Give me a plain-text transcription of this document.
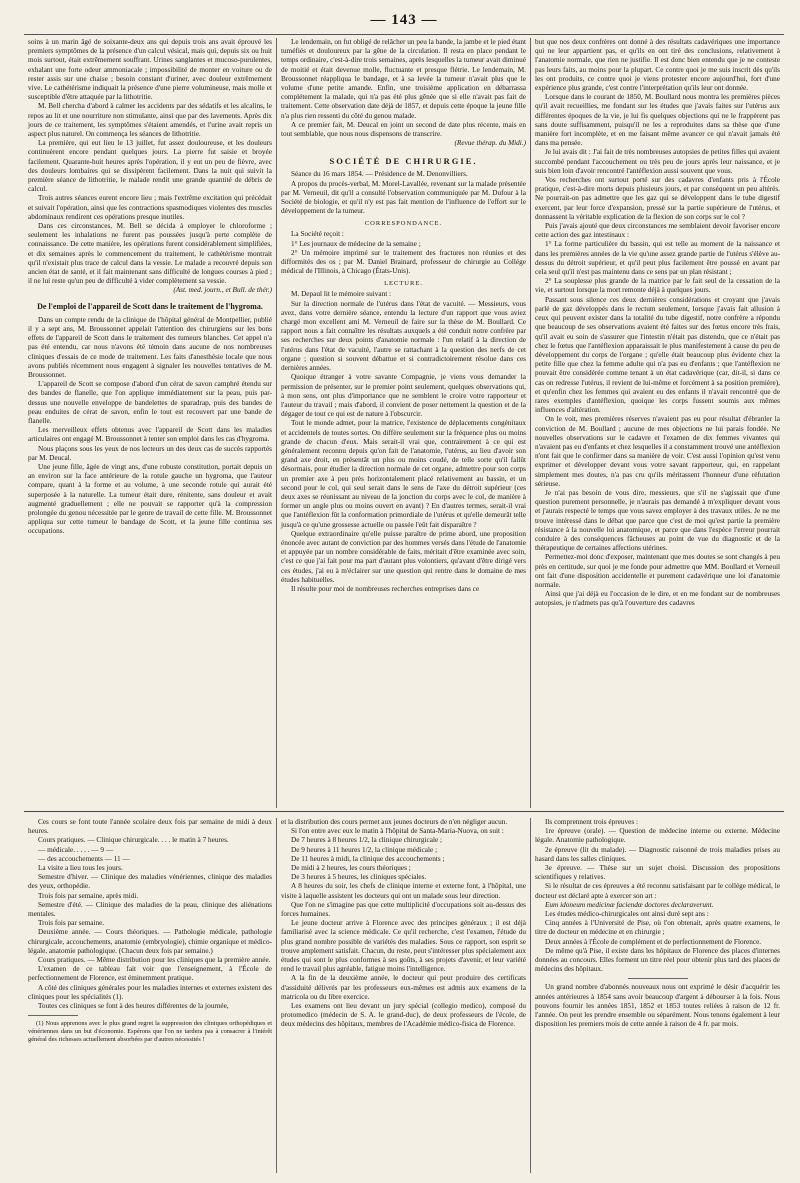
— 143 —

soins à un marin âgé de soixante-deux ans qui depuis trois ans avait éprouvé les premiers symptômes de la présence d'un calcul vésical, mais qui, depuis six ou huit mois surtout, était extrêmement souffrant. Urines sanglantes et mucoso-purulentes, exhalant une forte odeur ammoniacale ; impossibilité de monter en voiture ou de rester assis sur une chaise ; besoin constant d'uriner, avec douleur extrêmement vive. Le cathétérisme indiquait la présence d'une pierre volumineuse, mais molle et susceptible d'être attaquée par la lithotritie.

M. Bell chercha d'abord à calmer les accidents par des sédatifs et les alcalins, le repos au lit et une nourriture non stimulante, ainsi que par des lavements. Après dix jours de ce traitement, les symptômes s'étaient amendés, et l'urine avait repris un aspect plus naturel. On commença les séances de lithotritie.

La première, qui eut lieu le 13 juillet, fut assez douloureuse, et les douleurs continuèrent encore pendant quelques jours. La pierre fut saisie et broyée facilement. Quarante-huit heures après l'opération, il y eut un peu de fièvre, avec des douleurs lombaires qui se dissipèrent facilement. Dans la nuit qui suivit la première séance de lithotritie, le malade rendit une grande quantité de débris de calcul.

Trois autres séances eurent encore lieu ; mais l'extrême excitation qui précédait et suivait l'opération, ainsi que les contractions spasmodiques violentes des muscles abdominaux rendirent ces opérations presque inutiles.

Dans ces circonstances, M. Bell se décida à employer le chloroforme ; seulement les inhalations ne furent pas poussées jusqu'à perte complète de connaissance. De cette manière, les opérations furent considérablement simplifiées, et dix semaines après le commencement du traitement, le cathétérisme montrait qu'il n'existait plus trace de calcul dans la vessie. Le malade a recouvré depuis son ancien état de santé, et il fait maintenant sans difficulté de longues courses à pied ; il ne lui reste qu'un peu de difficulté à vider complètement sa vessie.

(Ast. med. journ., et Bull. de thér.)
De l'emploi de l'appareil de Scott dans le traitement de l'hygroma.

Dans un compte rendu de la clinique de l'hôpital général de Montpellier, publié il y a sept ans, M. Broussonnet appelait l'attention des chirurgiens sur les bons effets de l'appareil de Scott dans le traitement des tumeurs blanches. Cet appel n'a pas été entendu, car nous n'avons été témoin dans aucune de nos nombreuses cliniques d'essais de ce mode de traitement. Les faits d'anesthésie locale que nous avons publiés récemment nous engagent à signaler les nouvelles tentatives de M. Broussonnet.

L'appareil de Scott se compose d'abord d'un cérat de savon camphré étendu sur des bandes de flanelle, que l'on applique immédiatement sur la peau, puis par-dessus une nouvelle enveloppe de bandelettes de sparadrap, puis des bandes de peau enduites de cérat de savon, enfin le tout est recouvert par une bande de flanelle.

Les merveilleux effets obtenus avec l'appareil de Scott dans les maladies articulaires ont engagé M. Broussonnet à tenter son emploi dans les cas d'hygroma.

Nous plaçons sous les yeux de nos lecteurs un des deux cas de succès rapportés par M. Deucal.

Une jeune fille, âgée de vingt ans, d'une robuste constitution, portait depuis un an environ sur la face antérieure de la rotule gauche un hygroma, que l'auteur compare, quant à la forme et au volume, à une seconde rotule qui aurait été superposée à la naturelle. La tumeur était dure, rénitente, sans douleur et avait augmenté graduellement ; elle ne pouvait se rapporter qu'à la compression prolongée du genou nécessitée par le genre de travail de cette fille. M. Broussonnet appliqua sur cette tumeur le bandage de Scott, et la jeune fille continua ses occupations.

Le lendemain, on fut obligé de relâcher un peu la bande, la jambe et le pied étant tuméfiés et douloureux par la gêne de la circulation. Il resta en place pendant le temps ordinaire, c'est-à-dire trois semaines, après lesquelles la tumeur avait diminué de moitié et était devenue molle, fluctuante et presque flétrie. Le lendemain, M. Broussonnet réappliqua le bandage, et à sa levée la tumeur n'avait plus que le volume d'une petite amande. Enfin, une troisième application en débarrassa complétement la malade, qui n'a pas été plus gênée que si elle n'avait pas fait de traitement. Cette observation date déjà de 1857, et depuis cette époque la jeune fille n'a plus rien ressenti du côté du genou malade.

A ce premier fait, M. Deucal en joint un second de date plus récente, mais en tout semblable, que nous nous dispensons de transcrire.

(Revue thérap. du Midi.)
SOCIÉTÉ DE CHIRURGIE.

Séance du 16 mars 1854. — Présidence de M. Denonvilliers.

A propos du procès-verbal, M. Morel-Lavallée, revenant sur la malade présentée par M. Verneuil, dit qu'il a consulté l'observation communiquée par M. Dufour à la Société de biologie, et qu'il n'y est pas fait mention de l'influence de l'effort sur le développement de la tumeur.

CORRESPONDANCE.

La Société reçoit :

1° Les journaux de médecine de la semaine ;

2° Un mémoire imprimé sur le traitement des fractures non réunies et des difformités des os ; par M. Daniel Brainard, professeur de chirurgie au Collége médical de l'Illinois, à Chicago (États-Unis).

LECTURE.

M. Depaul lit le mémoire suivant :

Sur la direction normale de l'utérus dans l'état de vacuité. — Messieurs, vous avez, dans votre dernière séance, entendu la lecture d'un rapport que vous aviez chargé mon excellent ami M. Verneuil de faire sur la thèse de M. Boullard. Ce rapport nous a fait connaître les résultats auxquels a été conduit notre confrère par ses recherches sur deux points d'anatomie normale : l'un relatif à la direction de l'utérus dans l'état de vacuité, l'autre se rattachant à la question des nerfs de cet organe ; question si souvent débattue et si contradictoirement résolue dans ces dernières années.

Quoique étranger à votre savante Compagnie, je viens vous demander la permission de présenter, sur le premier point seulement, quelques observations qui, à mon sens, ont plus d'importance que ne semblent le croire votre rapporteur et l'auteur du travail ; mais d'abord, il convient de poser nettement la question et de la dégager de tout ce qui est de nature à l'obscurcir.

Tout le monde admet, pour la matrice, l'existence de déplacements congénitaux et accidentels de toutes sortes. On diffère seulement sur la fréquence plus ou moins grande de chacun d'eux. Mais serait-il vrai que, contrairement à ce qui est généralement reconnu depuis qu'on fait de l'anatomie, l'utérus, au lieu d'avoir son grand axe droit, en présentât un plus ou moins coudé, de telle sorte qu'il fallût désormais, pour étudier la direction normale de cet organe, admettre pour son corps un premier axe à peu près horizontalement placé relativement au bassin, et un second pour le col, qui seul serait dans le sens de l'axe du détroit supérieur (ces deux axes se réunissant au niveau de la jonction du corps avec le col, de manière à former un angle plus ou moins ouvert en avant) ? En d'autres termes, serait-il vrai que l'antéflexion fût la conformation primordiale de l'utérus et qu'elle demeurât telle jusqu'à ce qu'une grossesse actuelle ou passée l'eût fait disparaître ?

Quelque extraordinaire qu'elle puisse paraître de prime abord, une proposition énoncée avec autant de conviction par des hommes versés dans l'étude de l'anatomie et appuyée par un nombre considérable de faits, méritait d'être examinée avec soin, c'est ce que j'ai fait pour ma part d'autant plus volontiers, qu'avant d'être dirigé vers ces études, j'ai eu à m'éclairer sur une question qui rentre dans le domaine de mes études habituelles.

Il résulte pour moi de nombreuses recherches entreprises dans ce

but que nos deux confrères ont donné à des résultats cadavériques une importance qui ne leur appartient pas, et qu'ils en ont tiré des conclusions, relativement à l'anatomie normale, que rien ne justifie. Il est donc bien entendu que je ne conteste pas leurs faits, au moins pour la plupart. Ce contre quoi je me suis inscrit dès qu'ils les ont produits, ce contre quoi je viens protester encore aujourd'hui, fort d'une expérience plus grande, c'est contre l'interprétation qu'ils leur ont donnée.

Lorsque dans le courant de 1850, M. Boullard nous montra les premières pièces qu'il avait recueillies, me fondant sur les études que j'avais faites sur l'utérus aux différentes époques de la vie, je lui fis quelques objections qui ne le frappèrent pas sans doute suffisamment, puisqu'il ne les a reproduites dans sa thèse que d'une manière fort incomplète, et en me faisant même avancer ce qui n'avait jamais été dans ma pensée.

Je lui avais dit : J'ai fait de très nombreuses autopsies de petites filles qui avaient succombé pendant l'accouchement ou très peu de jours après leur naissance, et je suis bien loin d'avoir rencontré l'antéflexion aussi souvent que vous.

Vos recherches ont surtout porté sur des cadavres d'enfants pris à l'École pratique, c'est-à-dire morts depuis plusieurs jours, et par conséquent un peu altérés. Ne pourrait-on pas admettre que les gaz qui se développent dans le tube digestif exercent, par leur force d'expansion, pressé sur la partie supérieure de l'utérus, et donnassent la véritable explication de la flexion de son corps sur le col ?

Puis j'avais ajouté que deux circonstances me semblaient devoir favoriser encore cette action des gaz intestinaux :

1° La forme particulière du bassin, qui est telle au moment de la naissance et dans les premières années de la vie qu'une assez grande partie de l'utérus s'élève au-dessus du détroit supérieur, et qu'il peut plus facilement être poussé en avant par cela seul qu'il n'est pas maintenu dans ce sens par un plan résistant ;

2° La souplesse plus grande de la matrice par le fait seul de la cessation de la vie, et surtout lorsque la mort remonte déjà à quelques jours.

Passant sous silence ces deux dernières considérations et croyant que j'avais parlé de gaz développés dans le rectum seulement, lorsque j'avais fait allusion à ceux qui peuvent exister dans la totalité du tube digestif, notre confrère a répondu que beaucoup de ses observations avaient été faites sur des fœtus encore très frais, qu'il avait eu soin de s'assurer que l'intestin n'était pas distendu, que ce n'était pas chez le fœtus que l'antéflexion apparaissait le plus manifestement à cause du peu de développement du corps de l'organe ; qu'elle était beaucoup plus évidente chez la petite fille que chez la femme adulte qui n'a pas eu d'enfants ; que l'antéflexion ne pouvait être considérée comme tenant à un état cadavérique (car, dit-il, si dans ce cas on redresse l'utérus, il revient de lui-même et forcément à sa position première), et qu'enfin chez les femmes qui avaient eu des enfants il n'avait rencontré que de rares exemples d'antéflexion, quoique les corps fussent soumis aux mêmes influences d'altération.

On le voit, mes premières réserves n'avaient pas eu pour résultat d'ébranler la conviction de M. Boullard ; aucune de mes objections ne lui parais fondée. Ne nouvelles observations sur le cadavre et l'examen de dix femmes vivantes qui n'avaient pas eu d'enfants et chez lesquelles il a constamment trouvé une antéflexion n'ont fait que le confirmer dans sa manière de voir. C'est aussi l'opinion qu'est venu exprimer et développer devant vous votre savant rapporteur, qui, en rappelant simplement mes doutes, n'a pas cru qu'ils méritassent l'honneur d'une réfutation sérieuse.

Je n'ai pas besoin de vous dire, messieurs, que s'il ne s'agissait que d'une question purement personnelle, je n'aurais pas demandé à m'expliquer devant vous et j'aurais respecté le temps que vous savez employer à des travaux utiles. Je ne me trouve intéressé dans le débat que parce que c'est de moi qu'est partie la première résistance à la nouvelle loi anatomique, et parce que dans l'espèce l'erreur pourrait conduire à des conséquences fâcheuses au point de vue du diagnostic et de la thérapeutique de certaines affections utérines.

Permettez-moi donc d'exposer, maintenant que mes doutes se sont changés à peu près en certitude, sur quoi je me fonde pour admettre que MM. Boullard et Verneuil ont fait d'une disposition accidentelle et purement cadavérique une loi d'anatomie normale.

Ainsi que j'ai déjà eu l'occasion de le dire, et en me fondant sur de nombreuses autopsies, je n'admets pas qu'à l'ouverture des cadavres

Ces cours se font toute l'année scolaire deux fois par semaine de midi à deux heures.

Cours pratiques. — Clinique chirurgicale. . . . le matin à 7 heures.

— médicale. . . . . — 9 —

— des accouchements — 11 —

La visite a lieu tous les jours.

Semestre d'hiver. — Clinique des maladies vénériennes, clinique des maladies des yeux, orthopédie.

Trois fois par semaine, après midi.

Semestre d'été. — Clinique des maladies de la peau, clinique des aliénations mentales.

Trois fois par semaine.

Deuxième année. — Cours théoriques. — Pathologie médicale, pathologie chirurgicale, accouchements, anatomie (embryologie), chimie organique et médico-légale, anatomie pathologique. (Chacun deux fois par semaine.)

Cours pratiques. — Même distribution pour les cliniques que la première année.

L'examen de ce tableau fait voir que l'enseignement, à l'École de perfectionnement de Florence, est éminemment pratique.

A côté des cliniques générales pour les maladies internes et externes existent des cliniques pour les spécialités (1).

Toutes ces cliniques se font à des heures différentes de la journée,

(1) Nous apprenons avec le plus grand regret la suppression des cliniques orthopédiques et vénériennes dans un but d'économie. Espérons que l'on ne tardera pas à consacrer à l'intérêt général des richesses actuellement absorbées par d'autres nécessités !

et la distribution des cours permet aux jeunes docteurs de n'en négliger aucun.

Si l'on entre avec eux le matin à l'hôpital de Santa-Maria-Nuova, on suit :

De 7 heures à 8 heures 1/2, la clinique chirurgicale ;

De 9 heures à 11 heures 1/2, la clinique médicale ;

De 11 heures à midi, la clinique des accouchements ;

De midi à 2 heures, les cours théoriques ;

De 3 heures à 5 heures, les cliniques spéciales.

A 8 heures du soir, les chefs de clinique interne et externe font, à l'hôpital, une visite à laquelle assistent les docteurs qui ont un malade sous leur direction.

Que l'on ne s'imagine pas que cette multiplicité d'occupations soit au-dessus des forces humaines.

Le jeune docteur arrive à Florence avec des principes généraux ; il est déjà familiarisé avec la science médicale. Ce qu'il recherche, c'est l'examen, l'étude du plus grand nombre possible de variétés des maladies. Sous ce rapport, son esprit se trouve amplement satisfait. Chacun, du reste, peut s'intéresser plus spécialement aux études qui sont le plus conformes à ses goûts, à ses projets d'avenir, et leur variété rend le travail plus agréable, fatigue moins l'intelligence.

A la fin de la deuxième année, le docteur qui peut produire des certificats d'assiduité délivrés par les professeurs eux-mêmes est admis aux examens de la matricola ou du libre exercice.

Les examens ont lieu devant un jury spécial (collegio medico), composé du protomedico (médecin de S. A. le grand-duc), de deux professeurs de l'école, de deux médecins des hôpitaux, membres de l'Académie médico-fisica de Florence.

Ils comprennent trois épreuves :

1re épreuve (orale). — Question de médecine interne ou externe. Médecine légale. Anatomie pathologique.

2e épreuve (lit du malade). — Diagnostic raisonné de trois maladies prises au hasard dans les salles cliniques.

3e épreuve. — Thèse sur un sujet choisi. Discussion des propositions scientifiques y relatives.

Si le résultat de ces épreuves a été reconnu satisfaisant par le collége médical, le docteur est déclaré apte à exercer son art :

Eum idoneum medicinæ faciendæ doctores declaraverunt.

Les études médico-chirurgicales ont ainsi duré sept ans :

Cinq années à l'Université de Pise, où l'on obtenait, après quatre examens, le titre de docteur en médecine et en chirurgie ;

Deux années à l'École de complément et de perfectionnement de Florence.

De même qu'à Pise, il existe dans les hôpitaux de Florence des places d'internes données au concours. Elles forment un titre réel pour obtenir plus tard des places de médecins des hôpitaux.

Un grand nombre d'abonnés nouveaux nous ont exprimé le désir d'acquérir les années antérieures à 1854 sans avoir beaucoup d'argent à débourser à la fois. Nous pouvons fournir les années 1851, 1852 et 1853 toutes reliées à raison de 12 fr. l'année. On peut les prendre ensemble ou séparément. Nous tenons également à leur disposition les premiers mois de cette année à raison de 4 fr. par mois.
